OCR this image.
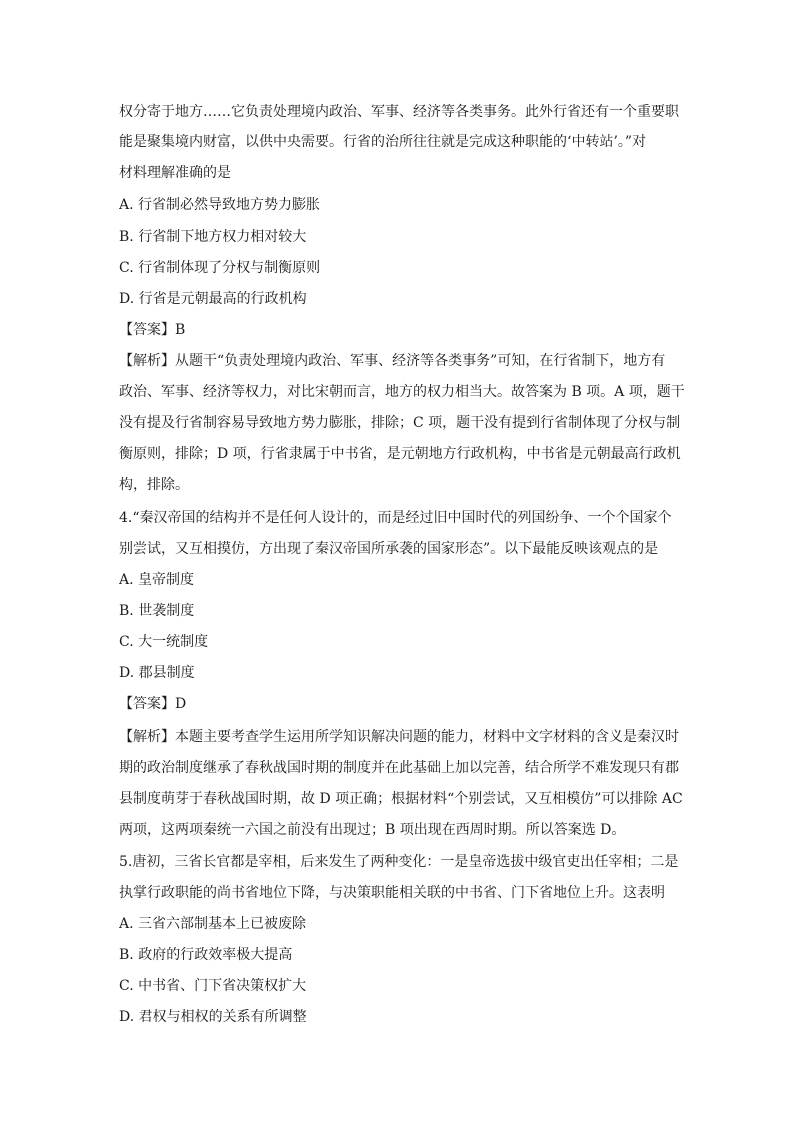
权分寄于地方……它负责处理境内政治、军事、经济等各类事务。此外行省还有一个重要职
能是聚集境内财富，以供中央需要。行省的治所往往就是完成这种职能的‘中转站’。”对
材料理解准确的是
A. 行省制必然导致地方势力膨胀
B. 行省制下地方权力相对较大
C. 行省制体现了分权与制衡原则
D. 行省是元朝最高的行政机构
【答案】B
【解析】从题干“负责处理境内政治、军事、经济等各类事务”可知，在行省制下，地方有
政治、军事、经济等权力，对比宋朝而言，地方的权力相当大。故答案为 B 项。A 项，题干
没有提及行省制容易导致地方势力膨胀，排除；C 项，题干没有提到行省制体现了分权与制
衡原则，排除；D 项，行省隶属于中书省，是元朝地方行政机构，中书省是元朝最高行政机
构，排除。
4.“秦汉帝国的结构并不是任何人设计的，而是经过旧中国时代的列国纷争、一个个国家个
别尝试，又互相摸仿，方出现了秦汉帝国所承袭的国家形态”。以下最能反映该观点的是
A. 皇帝制度
B. 世袭制度
C. 大一统制度
D. 郡县制度
【答案】D
【解析】本题主要考查学生运用所学知识解决问题的能力，材料中文字材料的含义是秦汉时
期的政治制度继承了春秋战国时期的制度并在此基础上加以完善，结合所学不难发现只有郡
县制度萌芽于春秋战国时期，故 D 项正确；根据材料“个别尝试，又互相模仿”可以排除 AC
两项，这两项秦统一六国之前没有出现过；B 项出现在西周时期。所以答案选 D。
5.唐初，三省长官都是宰相，后来发生了两种变化：一是皇帝选拔中级官吏出任宰相；二是
执掌行政职能的尚书省地位下降，与决策职能相关联的中书省、门下省地位上升。这表明
A. 三省六部制基本上已被废除
B. 政府的行政效率极大提高
C. 中书省、门下省决策权扩大
D. 君权与相权的关系有所调整
